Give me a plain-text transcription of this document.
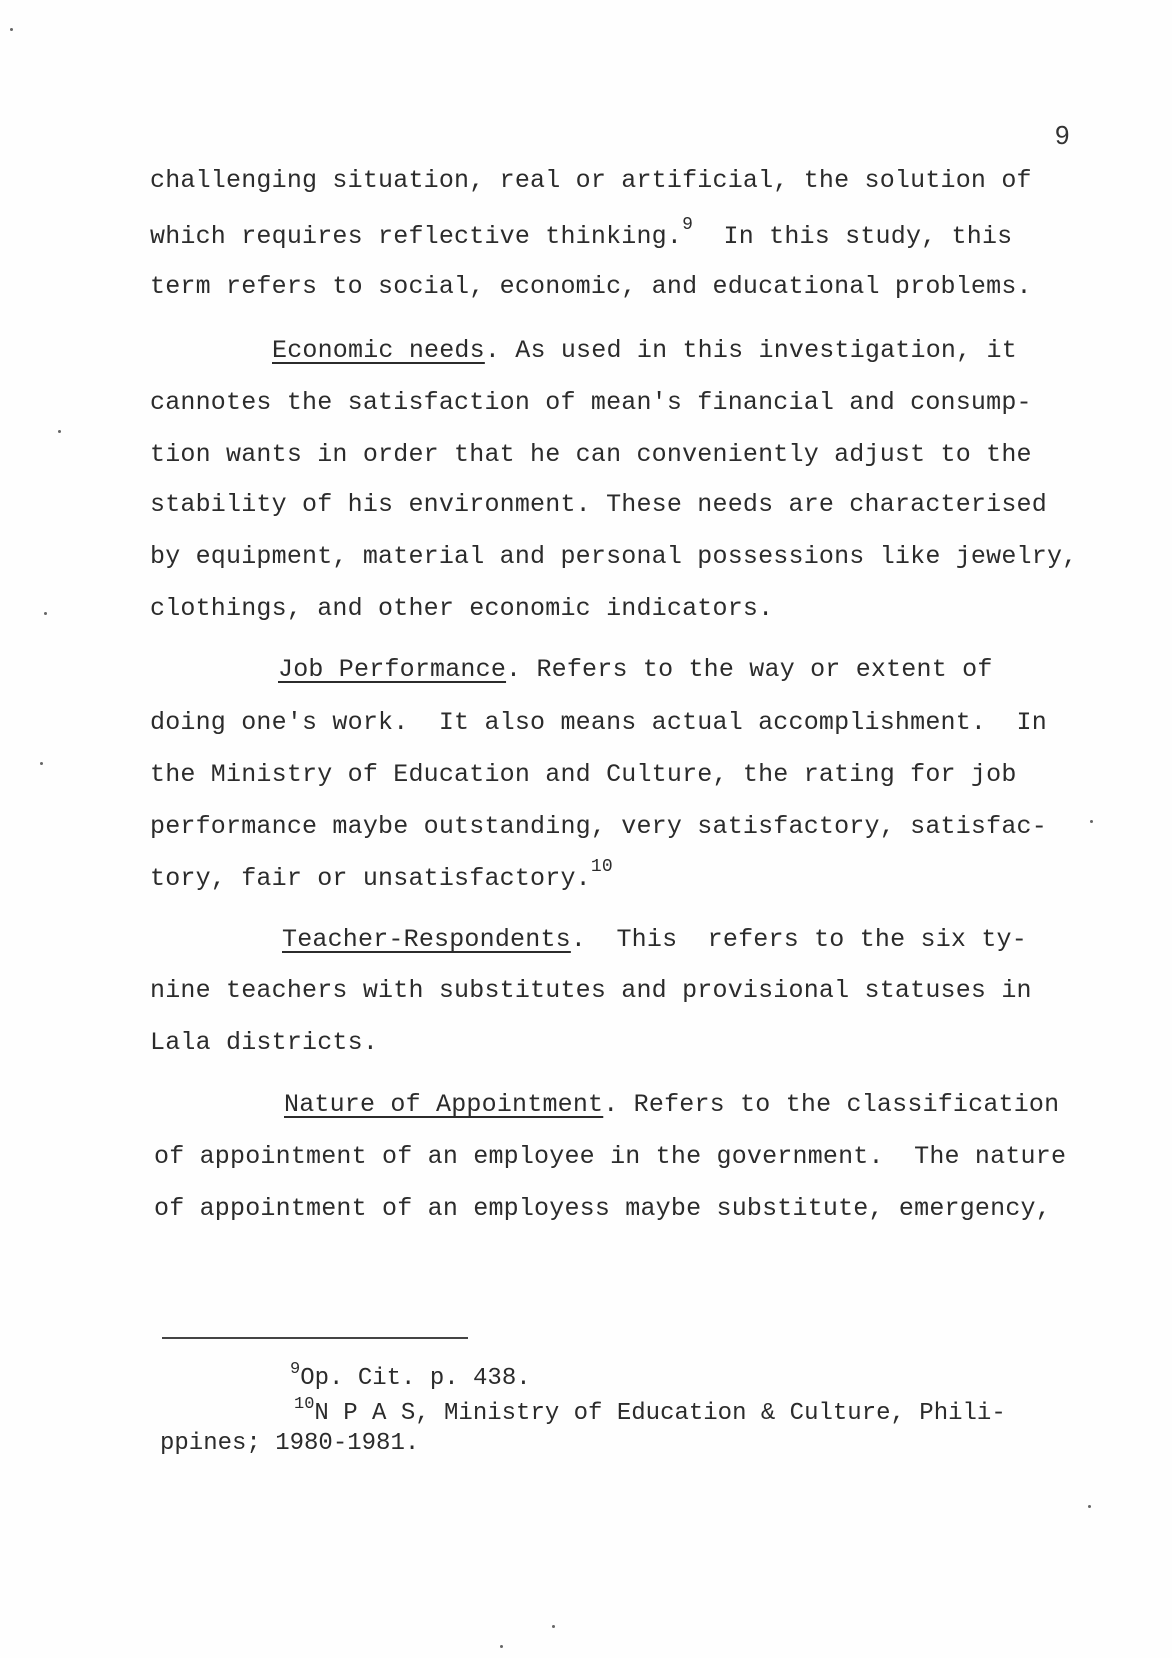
9
challenging situation, real or artificial, the solution of
which requires reflective thinking.$^9$  In this study, this
term refers to social, economic, and educational problems.
Economic needs. As used in this investigation, it
cannotes the satisfaction of mean's financial and consump-
tion wants in order that he can conveniently adjust to the
stability of his environment. These needs are characterised
by equipment, material and personal possessions like jewelry,
clothings, and other economic indicators.
Job Performance. Refers to the way or extent of
doing one's work.  It also means actual accomplishment.  In
the Ministry of Education and Culture, the rating for job
performance maybe outstanding, very satisfactory, satisfac-
tory, fair or unsatisfactory.$^{10}$
Teacher-Respondents.  This  refers to the six ty-
nine teachers with substitutes and provisional statuses in
Lala districts.
Nature of Appointment. Refers to the classification
of appointment of an employee in the government.  The nature
of appointment of an employess maybe substitute, emergency,
$^9$Op. Cit. p. 438.
$^{10}$N P A S, Ministry of Education & Culture, Phili-
ppines; 1980-1981.
